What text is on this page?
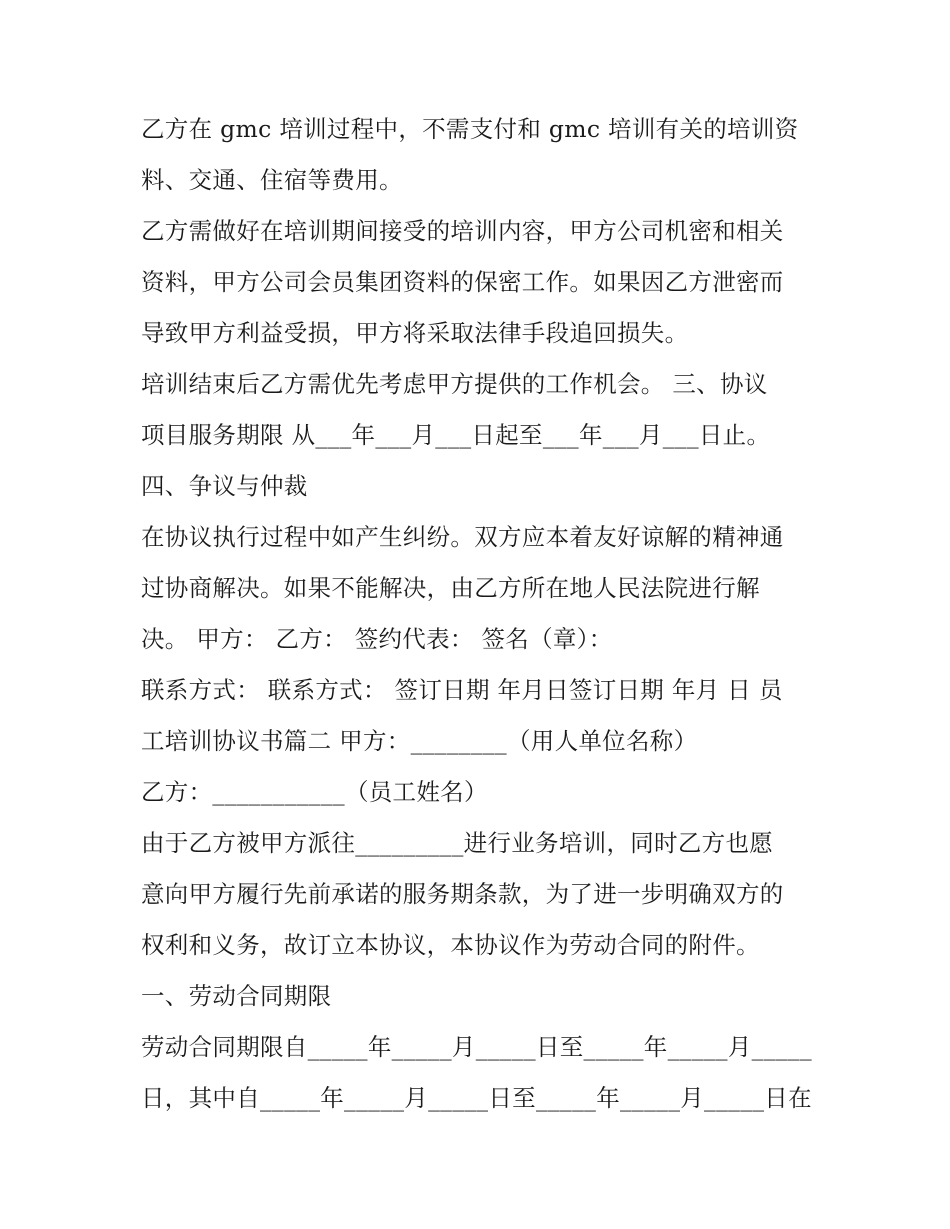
乙方在 gmc 培训过程中，不需支付和 gmc 培训有关的培训资
料、交通、住宿等费用。
乙方需做好在培训期间接受的培训内容，甲方公司机密和相关
资料，甲方公司会员集团资料的保密工作。如果因乙方泄密而
导致甲方利益受损，甲方将采取法律手段追回损失。
培训结束后乙方需优先考虑甲方提供的工作机会。 三、协议
项目服务期限 从___年___月___日起至___年___月___日止。
四、争议与仲裁
在协议执行过程中如产生纠纷。双方应本着友好谅解的精神通
过协商解决。如果不能解决，由乙方所在地人民法院进行解
决。 甲方： 乙方： 签约代表： 签名（章）：
联系方式： 联系方式： 签订日期 年月日签订日期 年月 日 员
工培训协议书篇二 甲方：________（用人单位名称）
乙方：___________（员工姓名）
由于乙方被甲方派往_________进行业务培训，同时乙方也愿
意向甲方履行先前承诺的服务期条款，为了进一步明确双方的
权利和义务，故订立本协议，本协议作为劳动合同的附件。
一、劳动合同期限
劳动合同期限自_____年_____月_____日至_____年_____月_____
日，其中自_____年_____月_____日至_____年_____月_____日在
